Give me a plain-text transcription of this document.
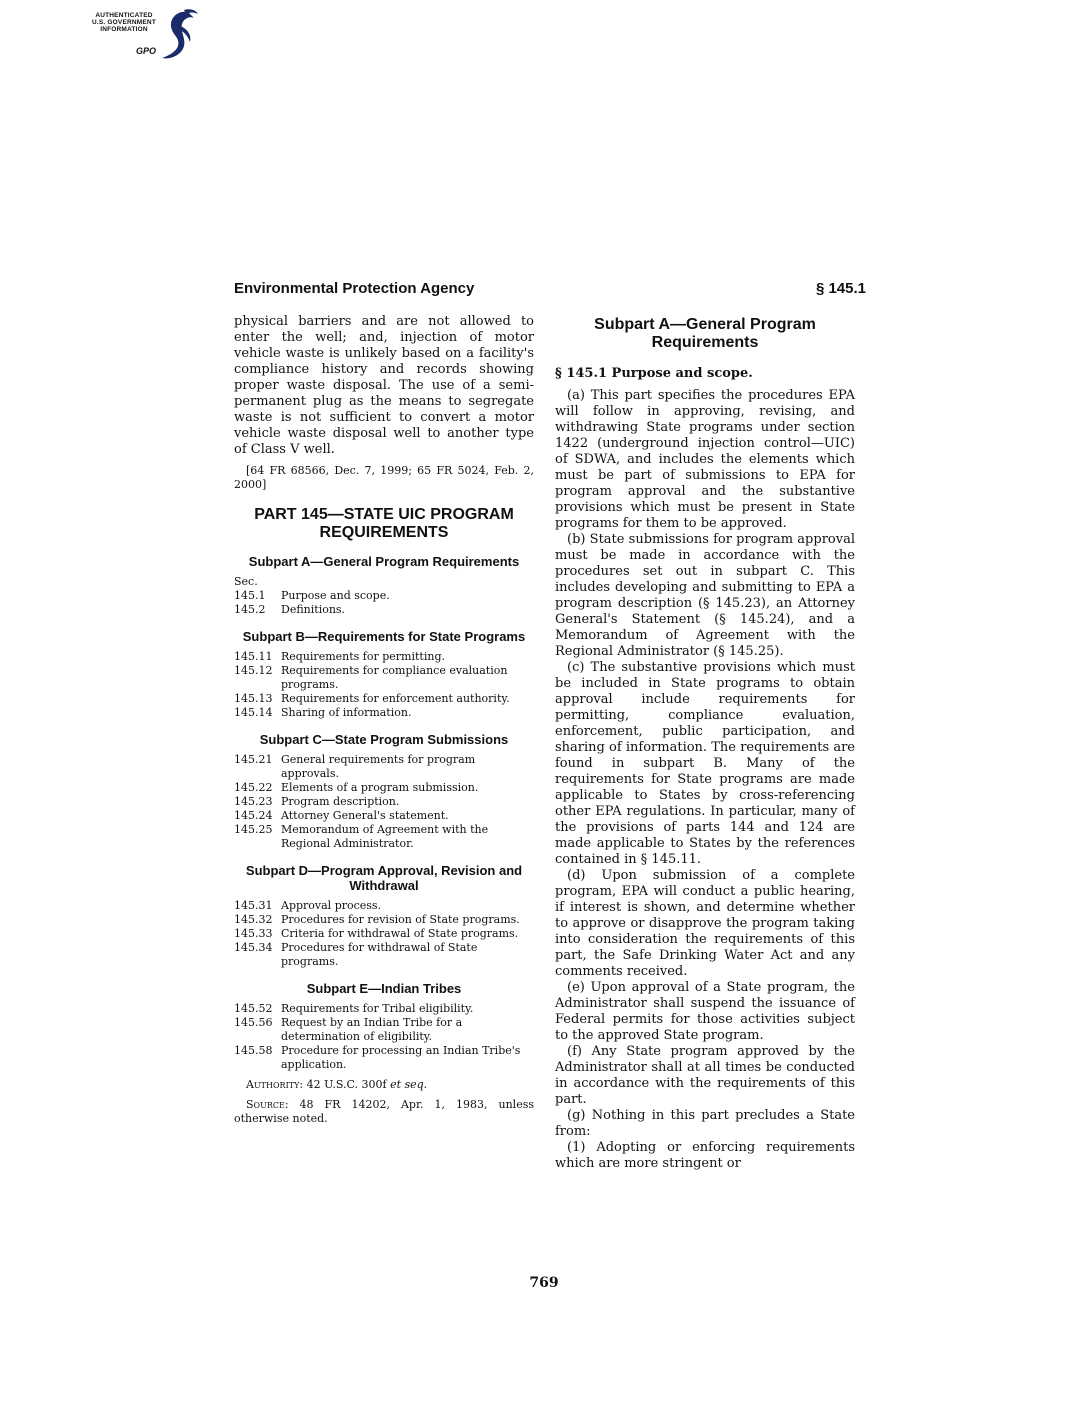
AUTHENTICATED
U.S. GOVERNMENT
INFORMATION
GPO
Environmental Protection Agency	§ 145.1

physical barriers and are not allowed to enter the well; and, injection of motor vehicle waste is unlikely based on a facility's compliance history and records showing proper waste disposal. The use of a semi-permanent plug as the means to segregate waste is not sufficient to convert a motor vehicle waste disposal well to another type of Class V well.

[64 FR 68566, Dec. 7, 1999; 65 FR 5024, Feb. 2, 2000]

PART 145—STATE UIC PROGRAM REQUIREMENTS
Subpart A—General Program Requirements
Sec.
145.1	Purpose and scope.
145.2	Definitions.
Subpart B—Requirements for State Programs
145.11 Requirements for permitting.
145.12 Requirements for compliance evaluation programs.
145.13 Requirements for enforcement authority.
145.14 Sharing of information.
Subpart C—State Program Submissions
145.21 General requirements for program approvals.
145.22 Elements of a program submission.
145.23 Program description.
145.24 Attorney General's statement.
145.25 Memorandum of Agreement with the Regional Administrator.
Subpart D—Program Approval, Revision and Withdrawal
145.31 Approval process.
145.32 Procedures for revision of State programs.
145.33 Criteria for withdrawal of State programs.
145.34 Procedures for withdrawal of State programs.
Subpart E—Indian Tribes
145.52 Requirements for Tribal eligibility.
145.56 Request by an Indian Tribe for a determination of eligibility.
145.58 Procedure for processing an Indian Tribe's application.

Authority: 42 U.S.C. 300f et seq.

Source: 48 FR 14202, Apr. 1, 1983, unless otherwise noted.

Subpart A—General Program Requirements

§ 145.1 Purpose and scope.

(a) This part specifies the procedures EPA will follow in approving, revising, and withdrawing State programs under section 1422 (underground injection control—UIC) of SDWA, and includes the elements which must be part of submissions to EPA for program approval and the substantive provisions which must be present in State programs for them to be approved.

(b) State submissions for program approval must be made in accordance with the procedures set out in subpart C. This includes developing and submitting to EPA a program description (§ 145.23), an Attorney General's Statement (§ 145.24), and a Memorandum of Agreement with the Regional Administrator (§ 145.25).

(c) The substantive provisions which must be included in State programs to obtain approval include requirements for permitting, compliance evaluation, enforcement, public participation, and sharing of information. The requirements are found in subpart B. Many of the requirements for State programs are made applicable to States by cross-referencing other EPA regulations. In particular, many of the provisions of parts 144 and 124 are made applicable to States by the references contained in § 145.11.

(d) Upon submission of a complete program, EPA will conduct a public hearing, if interest is shown, and determine whether to approve or disapprove the program taking into consideration the requirements of this part, the Safe Drinking Water Act and any comments received.

(e) Upon approval of a State program, the Administrator shall suspend the issuance of Federal permits for those activities subject to the approved State program.

(f) Any State program approved by the Administrator shall at all times be conducted in accordance with the requirements of this part.

(g) Nothing in this part precludes a State from:

(1) Adopting or enforcing requirements which are more stringent or

769
